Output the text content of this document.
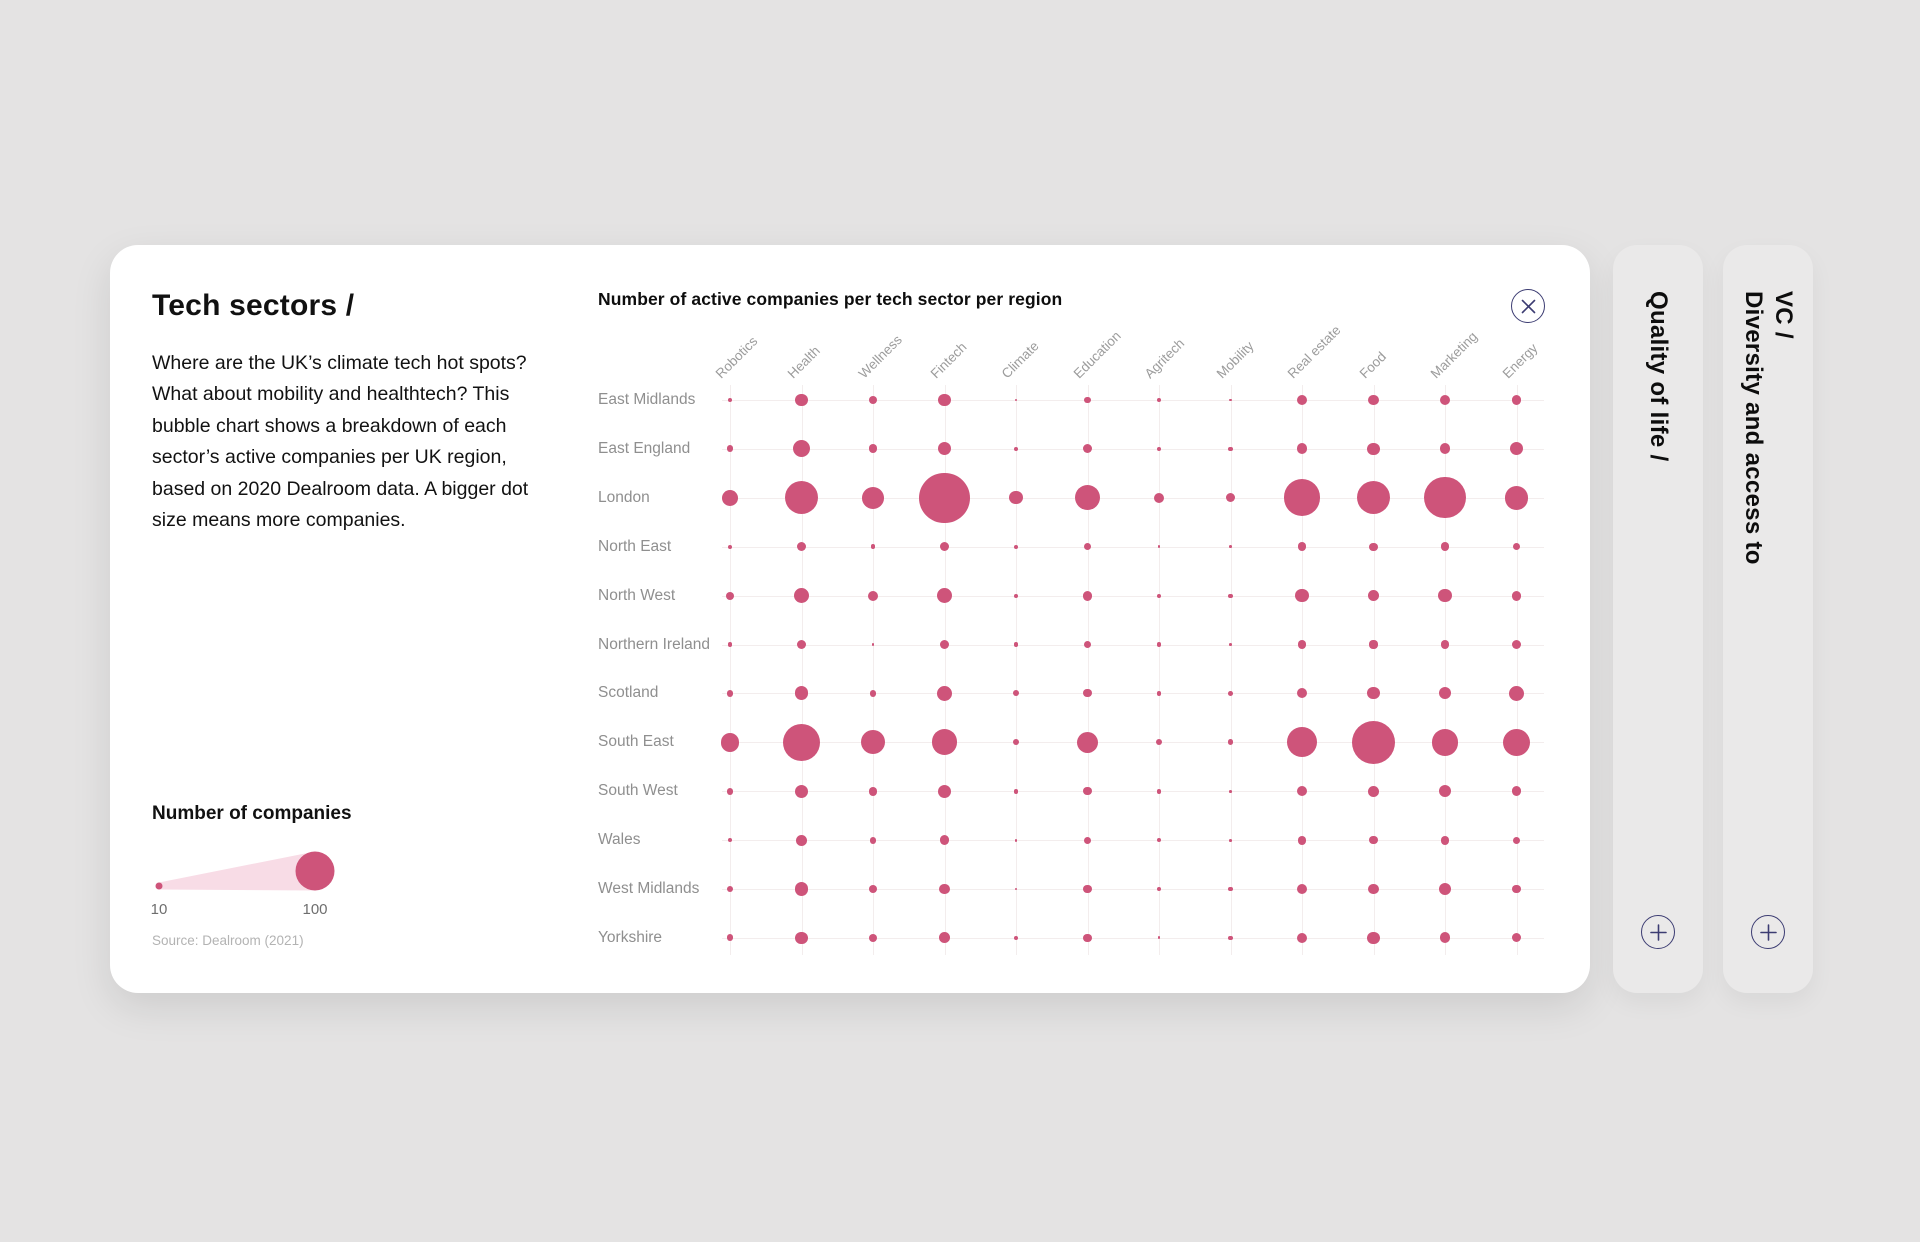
Tech sectors /
Where are the UK’s climate tech hot spots? What about mobility and healthtech? This bubble chart shows a breakdown of each sector’s active companies per UK region, based on 2020 Dealroom data. A bigger dot size means more companies.
Number of companies
10	100
Source: Dealroom (2021)
Number of active companies per tech sector per region
Robotics Health Wellness Fintech Climate Education Agritech Mobility Real estate Food	Marketing Energy
East Midlands
East England
London
North East
North West
Northern Ireland
Scotland
South East
South West
Wales
West Midlands
Yorkshire
Quality of life /	VC /
Diversity and access to
